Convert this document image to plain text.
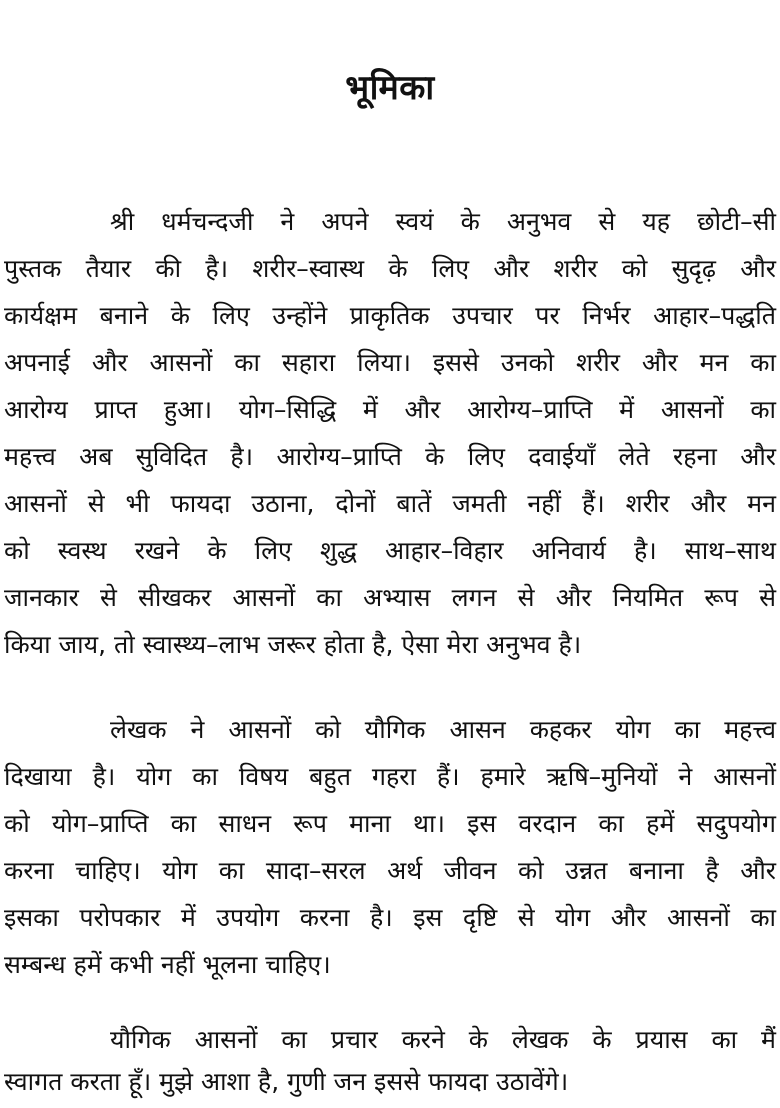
भूमिका
श्री धर्मचन्दजी ने अपने स्वयं के अनुभव से यह छोटी–सी
पुस्तक तैयार की है। शरीर–स्वास्थ के लिए और शरीर को सुदृढ़ और
कार्यक्षम बनाने के लिए उन्होंने प्राकृतिक उपचार पर निर्भर आहार–पद्धति
अपनाई और आसनों का सहारा लिया। इससे उनको शरीर और मन का
आरोग्य प्राप्त हुआ। योग–सिद्धि में और आरोग्य–प्राप्ति में आसनों का
महत्त्व अब सुविदित है। आरोग्य–प्राप्ति के लिए दवाईयाँ लेते रहना और
आसनों से भी फायदा उठाना, दोनों बातें जमती नहीं हैं। शरीर और मन
को स्वस्थ रखने के लिए शुद्ध आहार–विहार अनिवार्य है। साथ–साथ
जानकार से सीखकर आसनों का अभ्यास लगन से और नियमित रूप से
किया जाय, तो स्वास्थ्य–लाभ जरूर होता है, ऐसा मेरा अनुभव है।
लेखक ने आसनों को यौगिक आसन कहकर योग का महत्त्व
दिखाया है। योग का विषय बहुत गहरा हैं। हमारे ऋषि–मुनियों ने आसनों
को योग–प्राप्ति का साधन रूप माना था। इस वरदान का हमें सदुपयोग
करना चाहिए। योग का सादा–सरल अर्थ जीवन को उन्नत बनाना है और
इसका परोपकार में उपयोग करना है। इस दृष्टि से योग और आसनों का
सम्बन्ध हमें कभी नहीं भूलना चाहिए।
यौगिक आसनों का प्रचार करने के लेखक के प्रयास का मैं
स्वागत करता हूँ। मुझे आशा है, गुणी जन इससे फायदा उठावेंगे।
